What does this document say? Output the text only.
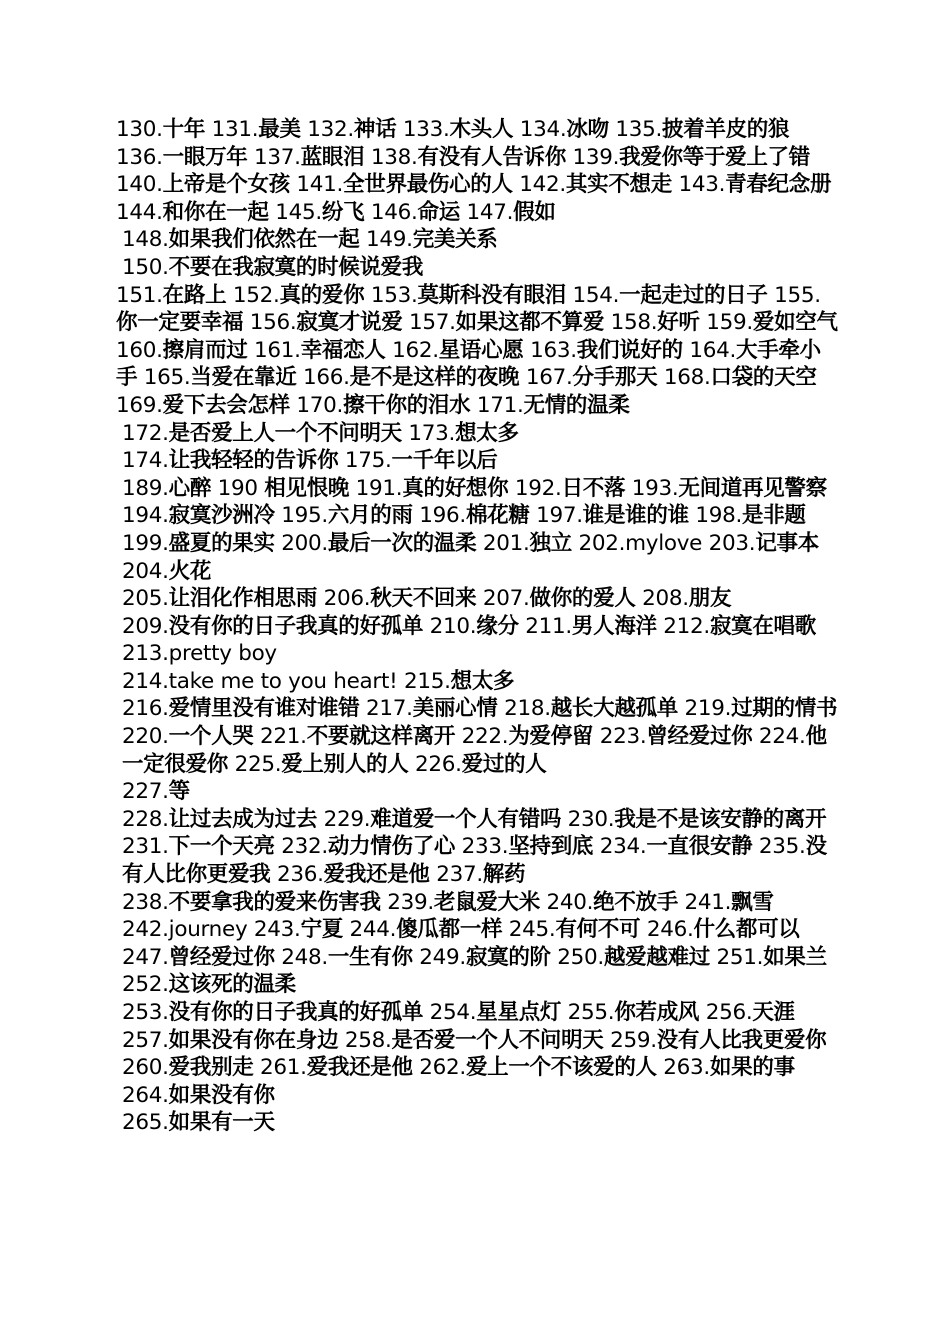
130.十年 131.最美 132.神话 133.木头人 134.冰吻 135.披着羊皮的狼 136.一眼万年 137.蓝眼泪 138.有没有人告诉你 139.我爱你等于爱上了错 140.上帝是个女孩 141.全世界最伤心的人 142.其实不想走 143.青春纪念册 144.和你在一起 145.纷飞 146.命运 147.假如

148.如果我们依然在一起 149.完美关系

150.不要在我寂寞的时候说爱我

151.在路上 152.真的爱你 153.莫斯科没有眼泪 154.一起走过的日子 155.你一定要幸福 156.寂寞才说爱 157.如果这都不算爱 158.好听 159.爱如空气 160.擦肩而过 161.幸福恋人 162.星语心愿 163.我们说好的 164.大手牵小手 165.当爱在靠近 166.是不是这样的夜晚 167.分手那天 168.口袋的天空 169.爱下去会怎样 170.擦干你的泪水 171.无情的温柔

172.是否爱上人一个不问明天 173.想太多

174.让我轻轻的告诉你 175.一千年以后

189.心醉 190 相见恨晚 191.真的好想你 192.日不落 193.无间道再见警察 194.寂寞沙洲冷 195.六月的雨 196.棉花糖 197.谁是谁的谁 198.是非题 199.盛夏的果实 200.最后一次的温柔 201.独立 202.mylove 203.记事本 204.火花

205.让泪化作相思雨 206.秋天不回来 207.做你的爱人 208.朋友

209.没有你的日子我真的好孤单 210.缘分 211.男人海洋 212.寂寞在唱歌 213.pretty boy

214.take me to you heart! 215.想太多

216.爱情里没有谁对谁错 217.美丽心情 218.越长大越孤单 219.过期的情书 220.一个人哭 221.不要就这样离开 222.为爱停留 223.曾经爱过你 224.他一定很爱你 225.爱上别人的人 226.爱过的人

227.等

228.让过去成为过去 229.难道爱一个人有错吗 230.我是不是该安静的离开 231.下一个天亮 232.动力情伤了心 233.坚持到底 234.一直很安静 235.没有人比你更爱我 236.爱我还是他 237.解药

238.不要拿我的爱来伤害我 239.老鼠爱大米 240.绝不放手 241.飘雪 242.journey 243.宁夏 244.傻瓜都一样 245.有何不可 246.什么都可以 247.曾经爱过你 248.一生有你 249.寂寞的阶 250.越爱越难过 251.如果兰 252.这该死的温柔

253.没有你的日子我真的好孤单 254.星星点灯 255.你若成风 256.天涯

257.如果没有你在身边 258.是否爱一个人不问明天 259.没有人比我更爱你 260.爱我别走 261.爱我还是他 262.爱上一个不该爱的人 263.如果的事 264.如果没有你

265.如果有一天
